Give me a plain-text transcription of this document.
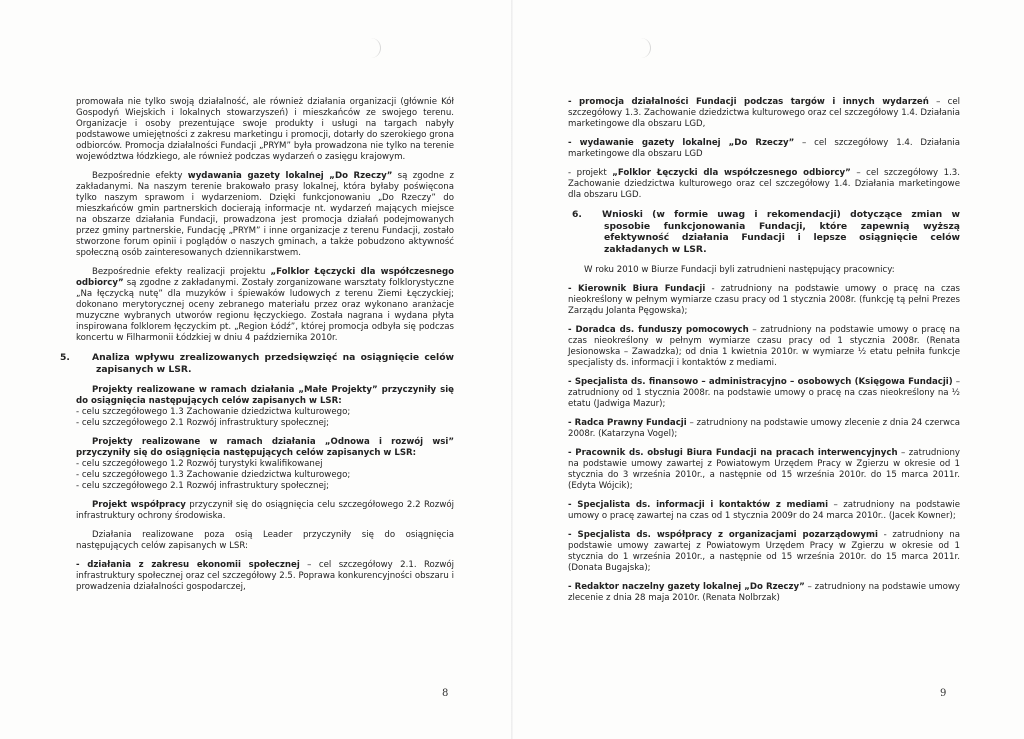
promowała nie tylko swoją działalność, ale również działania organizacji (głównie Kół Gospodyń Wiejskich i lokalnych stowarzyszeń) i mieszkańców ze swojego terenu. Organizacje i osoby prezentujące swoje produkty i usługi na targach nabyły podstawowe umiejętności z zakresu marketingu i promocji, dotarły do szerokiego grona odbiorców. Promocja działalności Fundacji „PRYM” była prowadzona nie tylko na terenie województwa łódzkiego, ale również podczas wydarzeń o zasięgu krajowym.

Bezpośrednie efekty wydawania gazety lokalnej „Do Rzeczy” są zgodne z zakładanymi. Na naszym terenie brakowało prasy lokalnej, która byłaby poświęcona tylko naszym sprawom i wydarzeniom. Dzięki funkcjonowaniu „Do Rzeczy” do mieszkańców gmin partnerskich docierają informacje nt. wydarzeń mających miejsce na obszarze działania Fundacji, prowadzona jest promocja działań podejmowanych przez gminy partnerskie, Fundację „PRYM” i inne organizacje z terenu Fundacji, zostało stworzone forum opinii i poglądów o naszych gminach, a także pobudzono aktywność społeczną osób zainteresowanych dziennikarstwem.

Bezpośrednie efekty realizacji projektu „Folklor Łęczycki dla współczesnego odbiorcy” są zgodne z zakładanymi. Zostały zorganizowane warsztaty folklorystyczne „Na łęczycką nutę” dla muzyków i śpiewaków ludowych z terenu Ziemi Łęczyckiej; dokonano merytorycznej oceny zebranego materiału przez oraz wykonano aranżacje muzyczne wybranych utworów regionu łęczyckiego. Została nagrana i wydana płyta inspirowana folklorem łęczyckim pt. „Region Łódź”, której promocja odbyła się podczas koncertu w Filharmonii Łódzkiej w dniu 4 października 2010r.

5. Analiza wpływu zrealizowanych przedsięwzięć na osiągnięcie celów zapisanych w LSR.

Projekty realizowane w ramach działania „Małe Projekty” przyczyniły się do osiągnięcia następujących celów zapisanych w LSR:
- celu szczegółowego 1.3 Zachowanie dziedzictwa kulturowego;
- celu szczegółowego 2.1 Rozwój infrastruktury społecznej;

Projekty realizowane w ramach działania „Odnowa i rozwój wsi” przyczyniły się do osiągnięcia następujących celów zapisanych w LSR:
- celu szczegółowego 1.2 Rozwój turystyki kwalifikowanej
- celu szczegółowego 1.3 Zachowanie dziedzictwa kulturowego;
- celu szczegółowego 2.1 Rozwój infrastruktury społecznej;

Projekt współpracy przyczynił się do osiągnięcia celu szczegółowego 2.2 Rozwój infrastruktury ochrony środowiska.

Działania realizowane poza osią Leader przyczyniły się do osiągnięcia następujących celów zapisanych w LSR:

- działania z zakresu ekonomii społecznej – cel szczegółowy 2.1. Rozwój infrastruktury społecznej oraz cel szczegółowy 2.5. Poprawa konkurencyjności obszaru i prowadzenia działalności gospodarczej,

8

- promocja działalności Fundacji podczas targów i innych wydarzeń – cel szczegółowy 1.3. Zachowanie dziedzictwa kulturowego oraz cel szczegółowy 1.4. Działania marketingowe dla obszaru LGD,

- wydawanie gazety lokalnej „Do Rzeczy” – cel szczegółowy 1.4. Działania marketingowe dla obszaru LGD

- projekt „Folklor Łęczycki dla współczesnego odbiorcy” – cel szczegółowy 1.3. Zachowanie dziedzictwa kulturowego oraz cel szczegółowy 1.4. Działania marketingowe dla obszaru LGD.

6. Wnioski (w formie uwag i rekomendacji) dotyczące zmian w sposobie funkcjonowania Fundacji, które zapewnią wyższą efektywność działania Fundacji i lepsze osiągnięcie celów zakładanych w LSR.

W roku 2010 w Biurze Fundacji byli zatrudnieni następujący pracownicy:

- Kierownik Biura Fundacji - zatrudniony na podstawie umowy o pracę na czas nieokreślony w pełnym wymiarze czasu pracy od 1 stycznia 2008r. (funkcję tą pełni Prezes Zarządu Jolanta Pęgowska);

- Doradca ds. funduszy pomocowych – zatrudniony na podstawie umowy o pracę na czas nieokreślony w pełnym wymiarze czasu pracy od 1 stycznia 2008r. (Renata Jesionowska – Zawadzka); od dnia 1 kwietnia 2010r. w wymiarze ½ etatu pełniła funkcje specjalisty ds. informacji i kontaktów z mediami.

- Specjalista ds. finansowo – administracyjno – osobowych (Księgowa Fundacji) – zatrudniony od 1 stycznia 2008r. na podstawie umowy o pracę na czas nieokreślony na ½ etatu (Jadwiga Mazur);

- Radca Prawny Fundacji – zatrudniony na podstawie umowy zlecenie z dnia 24 czerwca 2008r. (Katarzyna Vogel);

- Pracownik ds. obsługi Biura Fundacji na pracach interwencyjnych – zatrudniony na podstawie umowy zawartej z Powiatowym Urzędem Pracy w Zgierzu w okresie od 1 stycznia do 3 września 2010r., a następnie od 15 września 2010r. do 15 marca 2011r. (Edyta Wójcik);

- Specjalista ds. informacji i kontaktów z mediami – zatrudniony na podstawie umowy o pracę zawartej na czas od 1 stycznia 2009r do 24 marca 2010r.. (Jacek Kowner);

- Specjalista ds. współpracy z organizacjami pozarządowymi - zatrudniony na podstawie umowy zawartej z Powiatowym Urzędem Pracy w Zgierzu w okresie od 1 stycznia do 1 września 2010r., a następnie od 15 września 2010r. do 15 marca 2011r. (Donata Bugajska);

- Redaktor naczelny gazety lokalnej „Do Rzeczy” – zatrudniony na podstawie umowy zlecenie z dnia 28 maja 2010r. (Renata Nolbrzak)

9
